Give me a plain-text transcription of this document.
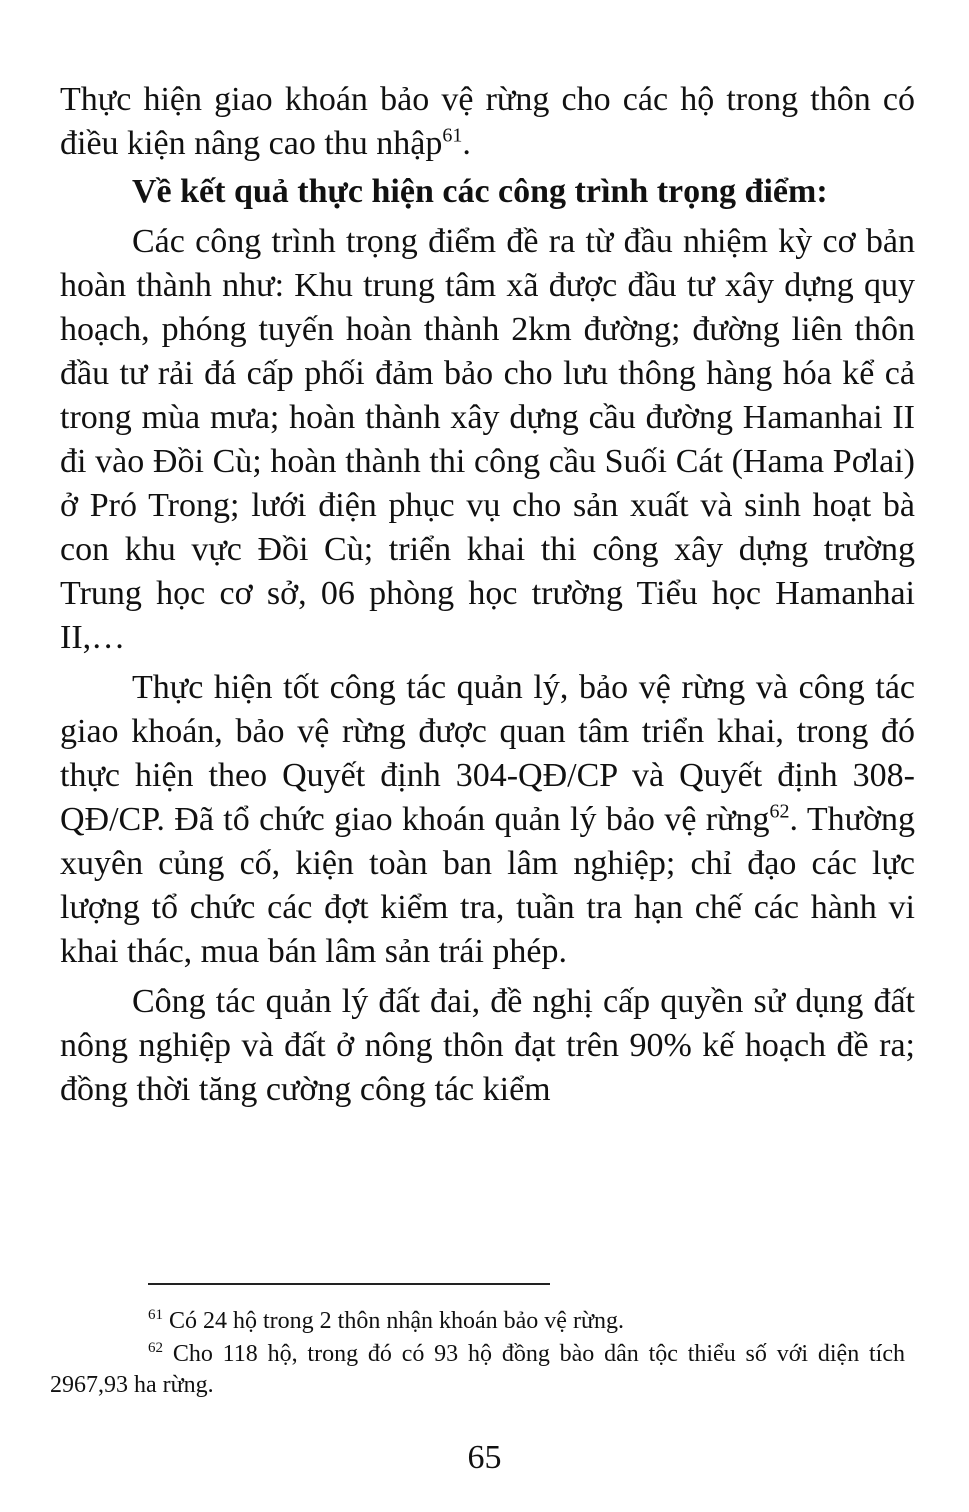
Thực hiện giao khoán bảo vệ rừng cho các hộ trong thôn có điều kiện nâng cao thu nhập$^{61}$.

Về kết quả thực hiện các công trình trọng điểm:

Các công trình trọng điểm đề ra từ đầu nhiệm kỳ cơ bản hoàn thành như: Khu trung tâm xã được đầu tư xây dựng quy hoạch, phóng tuyến hoàn thành 2km đường; đường liên thôn đầu tư rải đá cấp phối đảm bảo cho lưu thông hàng hóa kể cả trong mùa mưa; hoàn thành xây dựng cầu đường Hamanhai II đi vào Đồi Cù; hoàn thành thi công cầu Suối Cát (Hama Pơlai) ở Pró Trong; lưới điện phục vụ cho sản xuất và sinh hoạt bà con khu vực Đồi Cù; triển khai thi công xây dựng trường Trung học cơ sở, 06 phòng học trường Tiểu học Hamanhai II,…

Thực hiện tốt công tác quản lý, bảo vệ rừng và công tác giao khoán, bảo vệ rừng được quan tâm triển khai, trong đó thực hiện theo Quyết định 304-QĐ/CP và Quyết định 308-QĐ/CP. Đã tổ chức giao khoán quản lý bảo vệ rừng$^{62}$. Thường xuyên củng cố, kiện toàn ban lâm nghiệp; chỉ đạo các lực lượng tổ chức các đợt kiểm tra, tuần tra hạn chế các hành vi khai thác, mua bán lâm sản trái phép.

Công tác quản lý đất đai, đề nghị cấp quyền sử dụng đất nông nghiệp và đất ở nông thôn đạt trên 90% kế hoạch đề ra; đồng thời tăng cường công tác kiểm

$^{61}$ Có 24 hộ trong 2 thôn nhận khoán bảo vệ rừng.

$^{62}$ Cho 118 hộ, trong đó có 93 hộ đồng bào dân tộc thiểu số với diện tích 2967,93 ha rừng.

65
